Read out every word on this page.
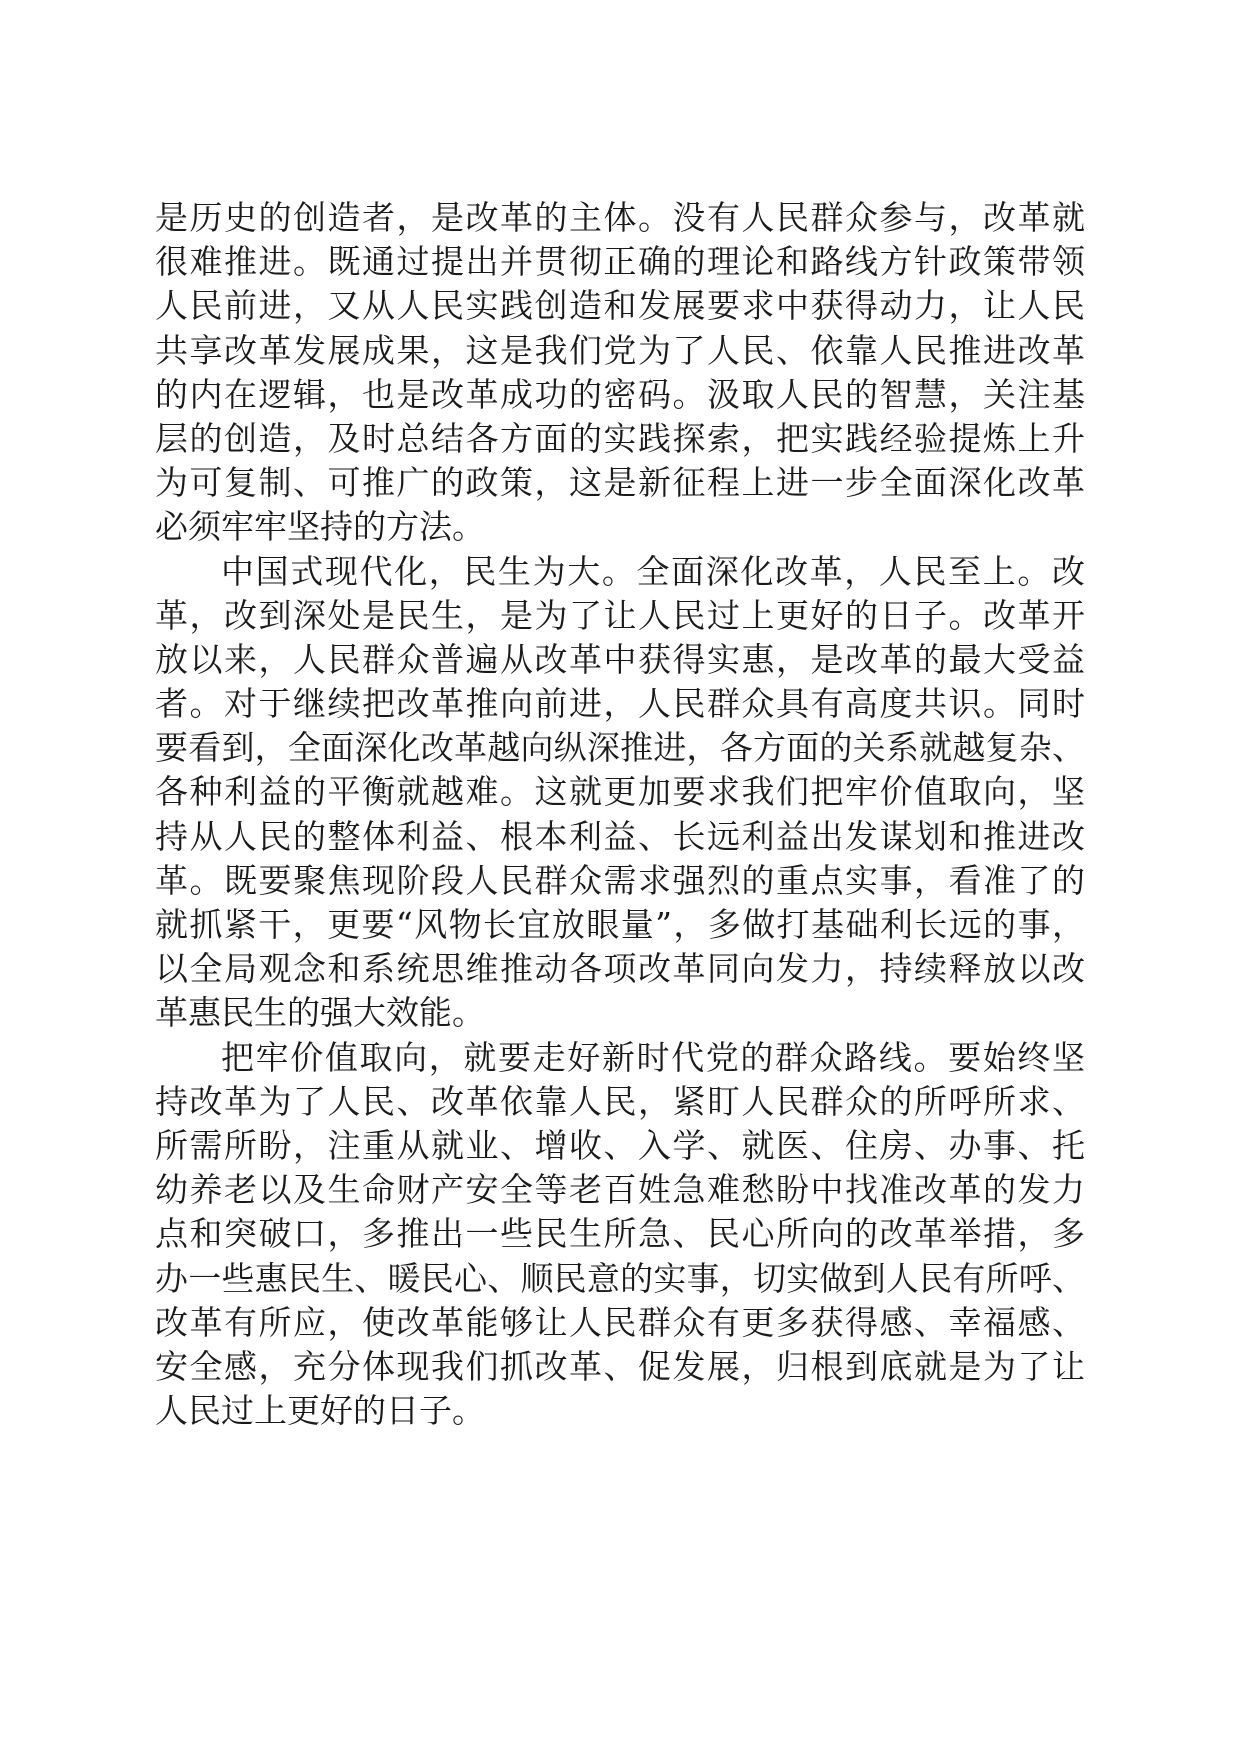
是历史的创造者，是改革的主体。没有人民群众参与，改革就
很难推进。既通过提出并贯彻正确的理论和路线方针政策带领
人民前进，又从人民实践创造和发展要求中获得动力，让人民
共享改革发展成果，这是我们党为了人民、依靠人民推进改革
的内在逻辑，也是改革成功的密码。汲取人民的智慧，关注基
层的创造，及时总结各方面的实践探索，把实践经验提炼上升
为可复制、可推广的政策，这是新征程上进一步全面深化改革
必须牢牢坚持的方法。
中国式现代化，民生为大。全面深化改革，人民至上。改
革，改到深处是民生，是为了让人民过上更好的日子。改革开
放以来，人民群众普遍从改革中获得实惠，是改革的最大受益
者。对于继续把改革推向前进，人民群众具有高度共识。同时
要看到，全面深化改革越向纵深推进，各方面的关系就越复杂、
各种利益的平衡就越难。这就更加要求我们把牢价值取向，坚
持从人民的整体利益、根本利益、长远利益出发谋划和推进改
革。既要聚焦现阶段人民群众需求强烈的重点实事，看准了的
就抓紧干，更要“风物长宜放眼量”，多做打基础利长远的事，
以全局观念和系统思维推动各项改革同向发力，持续释放以改
革惠民生的强大效能。
把牢价值取向，就要走好新时代党的群众路线。要始终坚
持改革为了人民、改革依靠人民，紧盯人民群众的所呼所求、
所需所盼，注重从就业、增收、入学、就医、住房、办事、托
幼养老以及生命财产安全等老百姓急难愁盼中找准改革的发力
点和突破口，多推出一些民生所急、民心所向的改革举措，多
办一些惠民生、暖民心、顺民意的实事，切实做到人民有所呼、
改革有所应，使改革能够让人民群众有更多获得感、幸福感、
安全感，充分体现我们抓改革、促发展，归根到底就是为了让
人民过上更好的日子。
